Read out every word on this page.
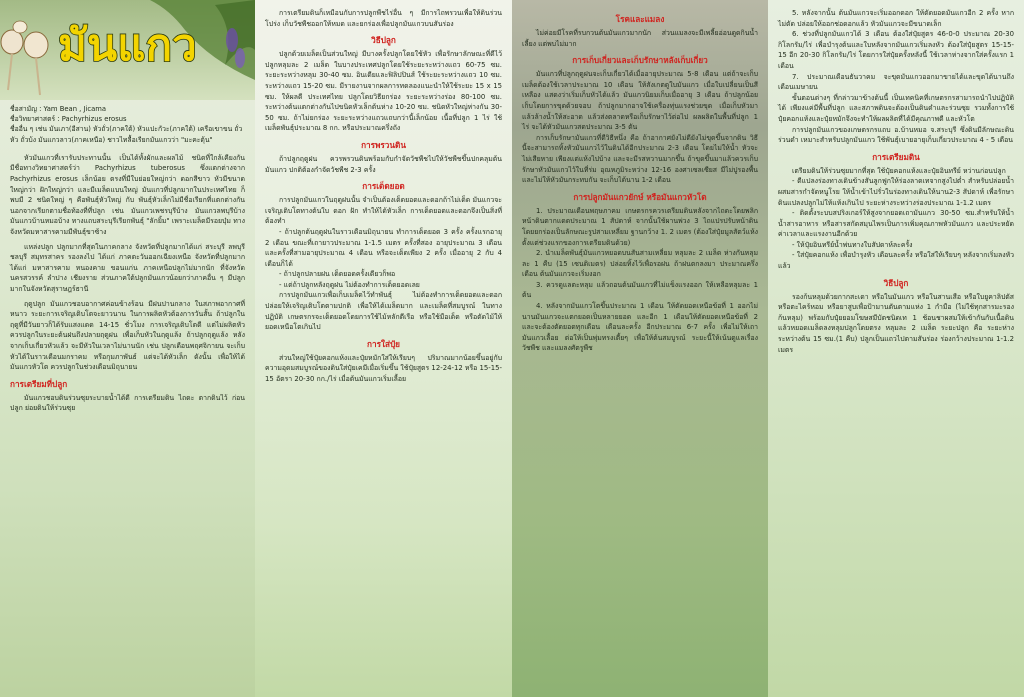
มันแกว

ชื่อสามัญ : Yam Bean , Jicama

ชื่อวิทยาศาสตร์ : Pachyrhizus erosus

ชื่ออื่น ๆ เช่น มันเภา(อีสาน) หัวถั่ว(ภาคใต้) หัวแปะกัวะ(ภาคใต้) เครือเขาขน ถั่วหัว ถั่วบ้ง มันแกวลาว(ภาคเหนือ) ชาวไทลื้อเรียกมันแกวว่า "มะคะตุ้น"

หัวมันแกวที่เรารับประทานนั้น เป็นได้ทั้งผักและผลไม้ ชนิดที่ใกล้เคียงกัน มีชื่อทางวิทยาศาสตร์ว่า Pachyrhizus tuberosus ซึ่งแตกต่างจาก Pachyrhizus erosus เล็กน้อย ตรงที่มีใบย่อยใหญ่กว่า ดอกสีขาว หัวมีขนาดใหญ่กว่า ฝักใหญ่กว่า และมีเมล็ดแบนใหญ่ มันแกวที่ปลูกมากในประเทศไทย ก็พบมี 2 ชนิดใหญ่ ๆ คือพันธุ์หัวใหญ่ กับ พันธุ์หัวเล็กไม่มีชื่อเรียกที่แตกต่างกัน นอกจากเรียกตามชื่อท้องที่ที่ปลูก เช่น มันแกวเพชรบุรีบ้าง มันแกวลพบุรีบ้าง มันแกวบ้านหมอบ้าง ทางแถบสระบุรีเรียกพันธุ์ "ลักยิ้ม" เพราะเมล็ดมีรอยบุ๋ม ทางจังหวัดมหาสารคามมีพันธุ์ขาซ้าง

แหล่งปลูก ปลูกมากที่สุดในภาคกลาง จังหวัดที่ปลูกมากได้แก่ สระบุรี ลพบุรี ชลบุรี สมุทรสาคร รองลงไป ได้แก่ ภาคตะวันออกเฉียงเหนือ จังหวัดที่ปลูกมากได้แก่ มหาสารคาม หนองคาย ขอนแก่น ภาคเหนือปลูกไม่มากนัก ที่จังหวัดนครสวรรค์ ลำปาง เชียงราย ส่วนภาคใต้ปลูกมันแกวน้อยกว่าภาคอื่น ๆ มีปลูกมากในจังหวัดสุราษฎร์ธานี

ฤดูปลูก มันแกวชอบอากาศค่อนข้างร้อน มีฝนปานกลาง ในสภาพอากาศที่หนาว ระยะการเจริญเติบโตจะยาวนาน ในการผลิตหัวต้องการวันสั้น ถ้าปลูกในฤดูที่มีวันยาวก็ได้รับแสงแดด 14-15 ชั่วโมง การเจริญเติบโตดี แต่ไม่ผลิตหัว ควรปลูกในระยะต้นฝนถึงปลายฤดูฝน เพื่อเก็บหัวในฤดูแล้ง ถ้าปลูกฤดูแล้ง หลังจากเก็บเกี่ยวหัวแล้ว จะมีหัวในเวลาไม่นานนัก เช่น ปลูกเดือนพฤศจิกายน จะเก็บหัวได้ในราวเดือนมกราคม หรือกุมภาพันธ์ แต่จะได้หัวเล็ก ดังนั้น เพื่อให้ได้มันแกวหัวโต ควรปลูกในช่วงเดือนมิถุนายน

การเตรียมที่ปลูก

มันแกวชอบดินร่วนซุยระบายน้ำได้ดี การเตรียมดิน ไถดะ ตากดินไว้ ก่อนปลูก ย่อยดินให้ร่วนซุย

การเตรียมดินก็เหมือนกับการปลูกพืชไร่อื่น ๆ มีการไถพรวนเพื่อให้ดินร่วนโปร่ง เก็บวัชพืชออกให้หมด และยกร่องเพื่อปลูกมันแกวบนสันร่อง

วิธีปลูก

ปลูกด้วยเมล็ดเป็นส่วนใหญ่ มีบางครั้งปลูกโดยใช้หัว เพื่อรักษาลักษณะที่ดีไว้ ปลูกหลุมละ 2 เมล็ด ในบางประเทศปลูกโดยใช้ระยะระหว่างแถว 60-75 ซม. ระยะระหว่างหลุม 30-40 ซม. อินเดียและฟิลิปปินส์ ใช้ระยะระหว่างแถว 10 ซม. ระหว่างแถว 15-20 ซม. มีรายงานจากผลการทดลองแนะนำให้ใช้ระยะ 15 x 15 ซม. ให้ผลดี ประเทศไทย ปลูกโดยวิธียกร่อง ระยะระหว่างร่อง 80-100 ซม. ระหว่างต้นแตกต่างกันไปขนิดหัวเล็กต้นห่าง 10-20 ซม. ชนิดหัวใหญ่ห่างกัน 30-50 ซม. ถ้าไม่ยกร่อง ระยะระหว่างแถวแถบกว่านี้เล็กน้อย เนื้อที่ปลูก 1 ไร่ ใช้เมล็ดพันธุ์ประมาณ 8 กก. หรือประมาณครึ่งถัง

การพรวนดิน

ถ้าปลูกฤดูฝน ควรพรวนดินพร้อมกับกำจัดวัชพืชไปให้วัชพืชขึ้นปกคลุมต้นมันแกว ปกติต้องกำจัดวัชพืช 2-3 ครั้ง

การเด็ดยอด

การปลูกมันแกวในฤดูฝนนั้น จำเป็นต้องเด็ดยอดและดอกถ้าไม่เด็ด มันแกวจะเจริญเติบโตทางต้นใบ ดอก ฝัก ทำให้ได้หัวเล็ก การเด็ดยอดและดอกจึงเป็นสิ่งที่ต้องทำ

- ถ้าปลูกต้นฤดูฝนในราวเดือนมิถุนายน ทำการเด็ดยอด 3 ครั้ง ครั้งแรกอายุ 2 เดือน ขณะที่เถายาวประมาณ 1-1.5 เมตร ครั้งที่สอง อายุประมาณ 3 เดือน และครั้งที่สามอายุประมาณ 4 เดือน หรือจะเด็ดเพียง 2 ครั้ง เมื่ออายุ 2 กับ 4 เดือนก็ได้

- ถ้าปลูกปลายฝน เด็ดยอดครั้งเดียวก็พอ

- แต่ถ้าปลูกหลังฤดูฝน ไม่ต้องทำการเด็ดยอดเลย

การปลูกมันแกวเพื่อเก็บเมล็ดไว้ทำพันธุ์ ไม่ต้องทำการเด็ดยอดและดอก ปล่อยให้เจริญเติบโตตามปกติ เพื่อให้ได้เมล็ดมาก และเมล็ดที่สมบูรณ์ ในทางปฏิบัติ เกษตรกรจะเด็ดยอดโดยการใช้ไม้หลักตีเรือ หรือใช้มือเด็ด หรือตัดไม้ให้ยอดเหนือโตเกินไป

การใส่ปุ๋ย

ส่วนใหญ่ใช้ปุ๋ยคอกแห้งและปุ๋ยหมักใส่ให้เรียบๆ ปริมาณมากน้อยขึ้นอยู่กับความอุดมสมบูรณ์ของดินใส่ปุ๋ยเคมีเมื่อเริ่มขึ้น ใช้ปุ๋ยสูตร 12-24-12 หรือ 15-15-15 อัตรา 20-30 กก./ไร่ เมื่อต้นมันแกวเริ่มเลื้อย

โรคและแมลง

ไม่ค่อยมีโรคที่รบกวนต้นมันแกวมากนัก ส่วนแมลงจะมีเพลี้ยอ่อนดูดกินน้ำเลี้ยง แต่พบไม่มาก

การเก็บเกี่ยวและเก็บรักษาหลังเก็บเกี่ยว

มันแกวที่ปลูกฤดูฝนจะเก็บเกี่ยวได้เมื่ออายุประมาณ 5-8 เดือน แต่ถ้าจะเก็บเมล็ดต้องใช้เวลาประมาณ 10 เดือน ให้สังเกตดูใบมันแกว เมื่อใบเปลี่ยนเป็นสีเหลือง แสดงว่าเริ่มเก็บหัวได้แล้ว มันแกวนิยมเก็บเมื่ออายุ 3 เดือน ถ้าปลูกน้อย เก็บโดยการขุดด้วยจอบ ถ้าปลูกมากอาจใช้เครื่องทุ่นแรงช่วยขุด เมื่อเก็บหัวมาแล้วล้างน้ำให้สะอาด แล้วส่งตลาดหรือเก็บรักษาไว้ต่อไป ผลผลิตในพื้นที่ปลูก 1 ไร่ จะได้หัวมันแกวสดประมาณ 3-5 ตัน

การเก็บรักษามันแกวที่ดีวิธีหนึ่ง คือ ถ้าอากาศยังไม่ดียังไม่ขุดขึ้นจากดิน วิธีนี้จะสามารถทิ้งหัวมันแกวไว้ในดินได้อีกประมาณ 2-3 เดือน โดยไม่ให้น้ำ หัวจะไม่เสียหาย เพียงแต่แห้งไปบ้าง และจะมีรสหวานมากขึ้น ถ้าขุดขึ้นมาแล้วควรเก็บรักษาหัวมันแกวไว้ในที่ร่ม อุณหภูมิระหว่าง 12-16 องศาเซลเซียส มีไม่ปูรองพื้น และไม่ให้หัวมันกระทบกัน จะเก็บได้นาน 1-2 เดือน

การปลูกมันแกวยักษ์ หรือมันแกวหัวโต

1. ประมาณเดือนพฤษภาคม เกษตรกรควรเตรียมดินหลังจากไถดะโดยพลิกหน้าดินตากแดดประมาณ 1 สัปดาห์ จากนั้นใช้ผานพ่วง 3 ไถแปรปรับหน้าดินโดยยกร่องเป็นลักษณะรูปสามเหลี่ยม ฐานกว้าง 1. 2 เมตร (ต้องใส่ปุ๋ยมูลสัตว์แห้งตั้งแต่ช่วงแรกของการเตรียมดินด้วย)

2. นำเมล็ดพันธุ์มันแกวหยอดบนสันสามเหลี่ยม หลุมละ 2 เมล็ด ห่างกันหลุมละ 1 คืบ (15 เซนติเมตร) ปล่อยทิ้งไว้เพื่อรอฝน ถ้าฝนตกลงมา ประมาณครึ่งเดือน ต้นมันแกวจะเริ่มงอก

3. ควรดูแลตะหลุม แล้วถอนต้นมันแกวที่ไม่แข็งแรงออก ให้เหลือหลุมละ 1 ต้น

4. หลังจากมันแกวโตขึ้นประมาณ 1 เดือน ให้ตัดยอดเหนือข้อที่ 1 ออกไม่นานมันแกวจะแตกยอดเป็นหลายยอด และอีก 1 เดือนให้ตัดยอดเหนือข้อที่ 2 และจะต้องตัดยอดทุกเดือน เดือนละครั้ง อีกประมาณ 6-7 ครั้ง เพื่อไม่ให้เถามันแกวเลื้อย ต่อให้เป็นพุ่มทรงเตี้ยๆ เพื่อให้ต้นสมบูรณ์ ระยะนี้ให้เน้นดูแลเรื่องวัชพืช และแมลงศัตรูพืช

5. หลังจากนั้น ต้นมันแกวจะเริ่มออกดอก ให้ตัดยอดมันแกวอีก 2 ครั้ง หากไม่ตัด ปล่อยให้ออกช่อดอกแล้ว หัวมันแกวจะมีขนาดเล็ก

6. ช่วงที่ปลูกมันแกวได้ 3 เดือน ต้องใส่ปุ๋ยสูตร 46-0-0 ประมาณ 20-30 กิโลกรัม/ไร่ เพื่อบำรุงต้นและใบหลังจากมันแกวเริ่มลงหัว ต้องใส่ปุ๋ยสูตร 15-15-15 อีก 20-30 กิโลกรัม/ไร่ โดยการใส่ปุ๋ยครั้งหลังนี้ ใช้เวลาห่างจากใส่ครั้งแรก 1 เดือน

7. ประมาณเดือนธันวาคม จะขุดมันแกวออกมาขายได้และขุดได้นานถึงเดือนเมษายน

ขั้นตอนต่างๆ ที่กล่าวมาข้างต้นนี้ เป็นเทคนิคที่เกษตรกรสามารถนำไปปฏิบัติได้ เพียงแค่มีพื้นที่ปลูก และสภาพดินจะต้องเป็นดินดำและร่วนซุย รวมทั้งการใช้ปุ๋ยคอกแห้งและปุ๋ยหมักจึงจะทำให้ผลผลิตที่ได้มีคุณภาพดี และหัวโต

การปลูกมันแกวของเกษตรกรแถบ อ.บ้านหมอ จ.สระบุรี ซึ่งดินมีลักษณะดินร่วนดำ เหมาะสำหรับปลูกมันแกว ใช้พันธุ์เบายอายุเก็บเกี่ยวประมาณ 4 - 5 เดือน

การเตรียมดิน

เตรียมดินให้ร่วนซุยมากที่สุด ใช้ปุ๋ยคอกแห้งและปุ๋ยอินทรีย์ หว่านก่อนปลูก

- ตีแปลงร่องทางเดินข้างสันลูกฟูกให้ร่องลาดเทจากสูงไปต่ำ สำหรับปล่อยน้ำ ผสมสารกำจัดหนูโรย ให้น้ำเข้าไปรั่วในร่องทางเดินให้นาน2-3 สัปดาห์ เพื่อรักษาดินแปลงปลูกไม่ให้แห้งเกินไป ระยะห่างระหว่างร่องประมาณ 1-1.2 เมตร

- ติดตั้งระบบสปริงเกอร์ให้สูงจากยอดเถามันแกว 30-50 ซม.สำหรับให้น้ำ น้ำสารอาหาร หรือสารสกัดสมุนไพรเป็นการเพิ่มคุณภาพหัวมันแกว และประหยัดค่าเวลาและแรงงานอีกด้วย

- ให้ปุ๋ยอินทรีย์น้ำพ่นทางใบสัปดาห์ละครั้ง

- ใส่ปุ๋ยคอกแห้ง เพื่อบำรุงหัว เดือนละครั้ง หรือใส่ให้เรียบๆ หลังจากเริ่มลงหัวแล้ว

วิธีปลูก

รองก้นหลุมด้วยกากสะเดา หรือในมันแกว หรือในสานเสือ หรือใบยูคาลิปตัส หรือตะไคร้หอม หรือยาสูบเพื่อป้ามานตันตามแห่ง 1 กำมือ (ไม่ใช้ทุกสารมะรองก้นหลุม) พร้อมกับปุ๋ยยอมโฆษสมีบัตชนิดเท 1 ช้อนชาผสมให้เข้ากันกับเนื้อดิน แล้วหยอดเมล็ดลงหลุมปลูกโดยตรง หลุมละ 2 เมล็ด ระยะปลูก คือ ระยะห่างระหว่างต้น 15 ซม.(1 คืบ) ปลูกเป็นแถวไปตามสันร่อง ร่องกว้างประมาณ 1-1.2 เมตร
